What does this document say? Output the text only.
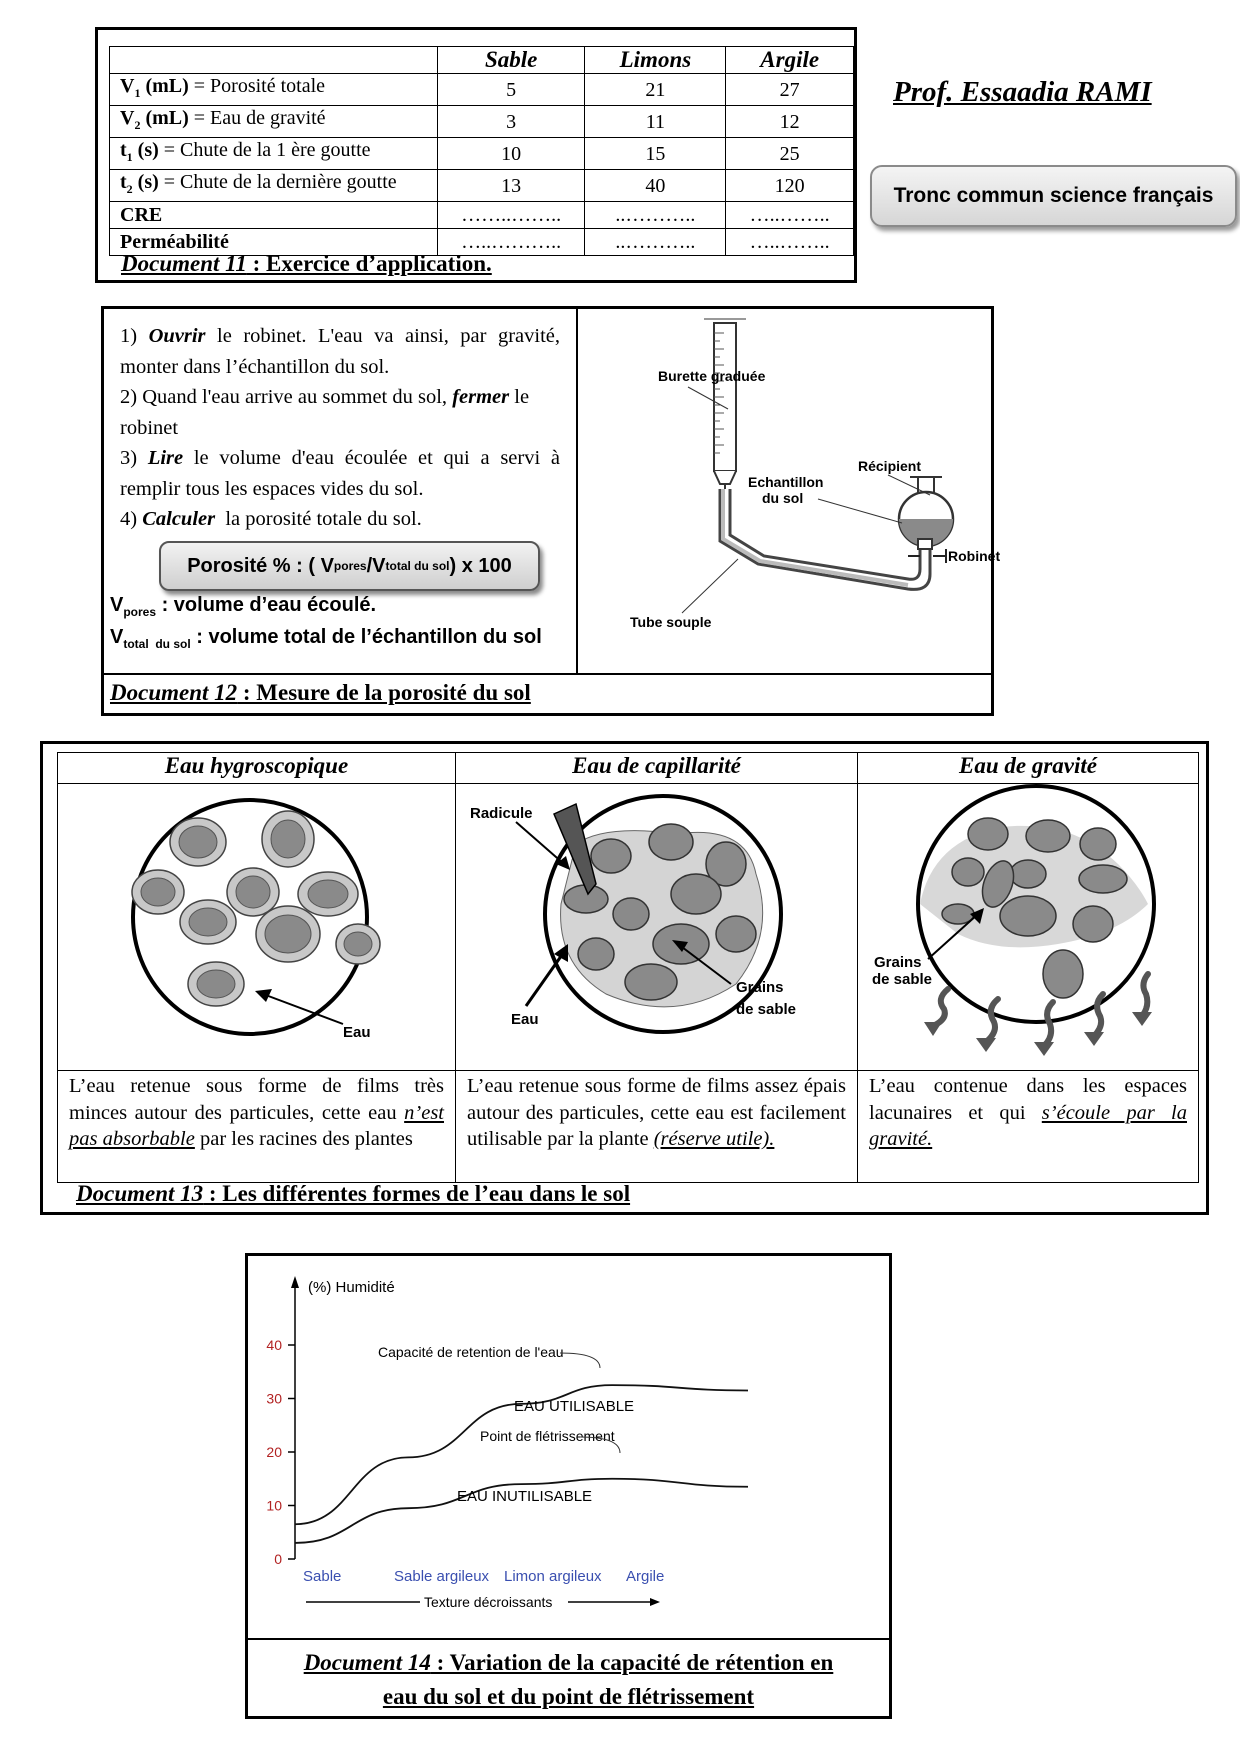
Prof. Essaadia RAMI
Tronc commun science français
	Sable	Limons	Argile
$V_1$ (mL) = Porosité totale	5	21	27
$V_2$ (mL) = Eau de gravité	3	11	12
$t_1$ (s) = Chute de la 1 ère goutte	10	15	25
$t_2$ (s) = Chute de la dernière goutte	13	40	120
CRE	……..……..	..………..	…..……..
Perméabilité	…..………..	..………..	…..……..
Document 11 : Exercice d’application.
1) Ouvrir le robinet. L'eau va ainsi, par gravité, monter dans l’échantillon du sol.
2) Quand l'eau arrive au sommet du sol, fermer le robinet
3) Lire le volume d'eau écoulée et qui a servi à remplir tous les espaces vides du sol.
4) Calculer  la porosité totale du sol.
Porosité % : ( V pores /V total du sol ) x 100
$V_{pores}$ : volume d’eau écoulé.
$V_{total du sol}$ : volume total de l’échantillon du sol
Burette graduée
Récipient
Echantillon
du sol
Robinet
Tube souple
Document 12 : Mesure de la porosité du sol
Eau hygroscopique	Eau de capillarité	Eau de gravité

Eau	Radicule
Eau
Grains
de sable	Grains
de sable

L’eau retenue sous forme de films très minces autour des particules, cette eau n’est pas absorbable par les racines des plantes	L’eau retenue sous forme de films assez épais autour des particules, cette eau est facilement utilisable par la plante (réserve utile).	L’eau contenue dans les espaces lacunaires et qui s’écoule par la gravité.
Document 13 : Les différentes formes de l’eau dans le sol
(%) Humidité
0
10
20
30
40	Capacité de retention de l'eau
Point de flétrissement
EAU UTILISABLE
EAU INUTILISABLE
Sable	Sable argileux Limon argileux Argile
Texture décroissants
Document 14 : Variation de la capacité de rétention en
eau du sol et du point de flétrissement
